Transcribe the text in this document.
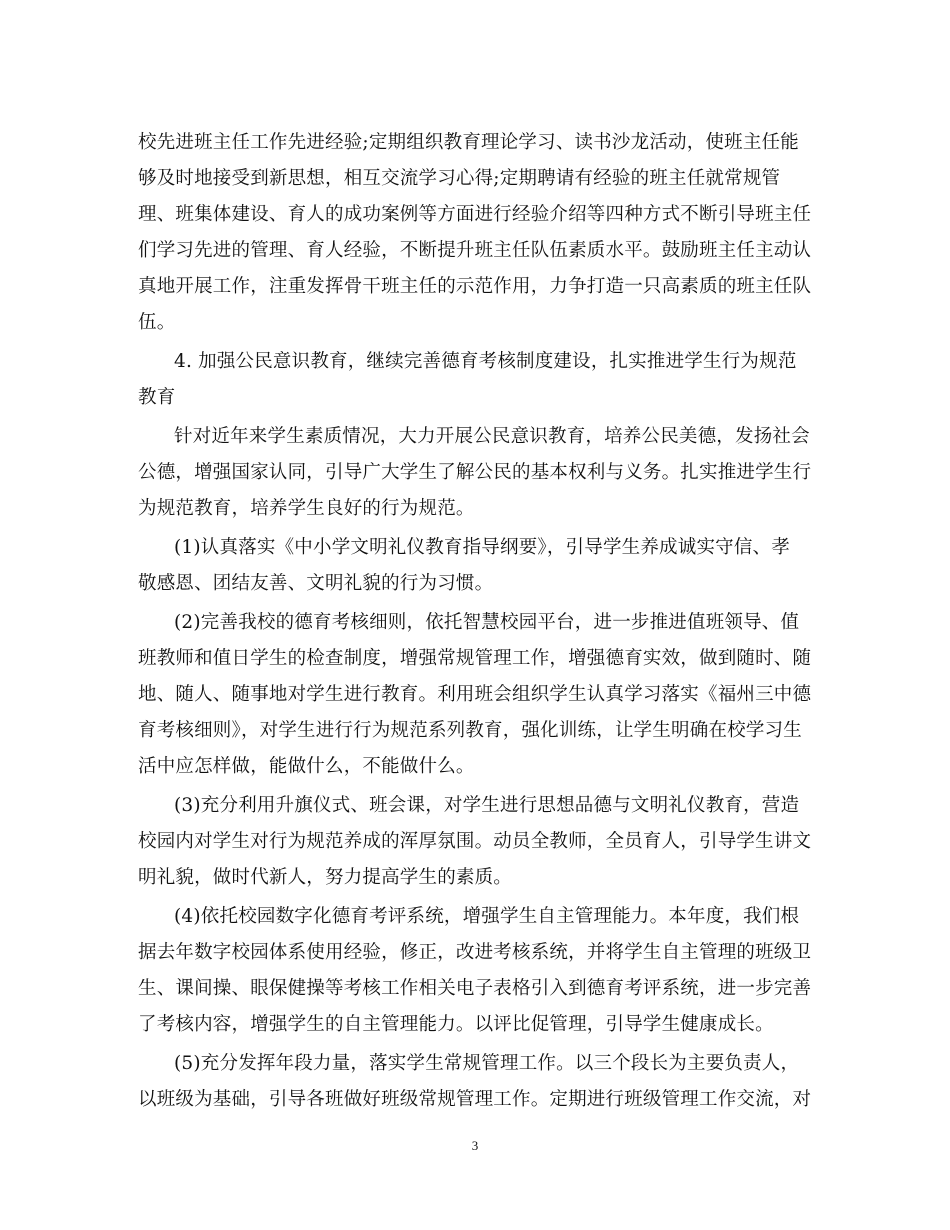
校先进班主任工作先进经验;定期组织教育理论学习、读书沙龙活动，使班主任能
够及时地接受到新思想，相互交流学习心得;定期聘请有经验的班主任就常规管
理、班集体建设、育人的成功案例等方面进行经验介绍等四种方式不断引导班主任
们学习先进的管理、育人经验，不断提升班主任队伍素质水平。鼓励班主任主动认
真地开展工作，注重发挥骨干班主任的示范作用，力争打造一只高素质的班主任队
伍。
4. 加强公民意识教育，继续完善德育考核制度建设，扎实推进学生行为规范
教育
针对近年来学生素质情况，大力开展公民意识教育，培养公民美德，发扬社会
公德，增强国家认同，引导广大学生了解公民的基本权利与义务。扎实推进学生行
为规范教育，培养学生良好的行为规范。
(1)认真落实《中小学文明礼仪教育指导纲要》，引导学生养成诚实守信、孝
敬感恩、团结友善、文明礼貌的行为习惯。
(2)完善我校的德育考核细则，依托智慧校园平台，进一步推进值班领导、值
班教师和值日学生的检查制度，增强常规管理工作，增强德育实效，做到随时、随
地、随人、随事地对学生进行教育。利用班会组织学生认真学习落实《福州三中德
育考核细则》，对学生进行行为规范系列教育，强化训练，让学生明确在校学习生
活中应怎样做，能做什么，不能做什么。
(3)充分利用升旗仪式、班会课，对学生进行思想品德与文明礼仪教育，营造
校园内对学生对行为规范养成的浑厚氛围。动员全教师，全员育人，引导学生讲文
明礼貌，做时代新人，努力提高学生的素质。
(4)依托校园数字化德育考评系统，增强学生自主管理能力。本年度，我们根
据去年数字校园体系使用经验，修正，改进考核系统，并将学生自主管理的班级卫
生、课间操、眼保健操等考核工作相关电子表格引入到德育考评系统，进一步完善
了考核内容，增强学生的自主管理能力。以评比促管理，引导学生健康成长。
(5)充分发挥年段力量，落实学生常规管理工作。以三个段长为主要负责人，
以班级为基础，引导各班做好班级常规管理工作。定期进行班级管理工作交流，对
3
